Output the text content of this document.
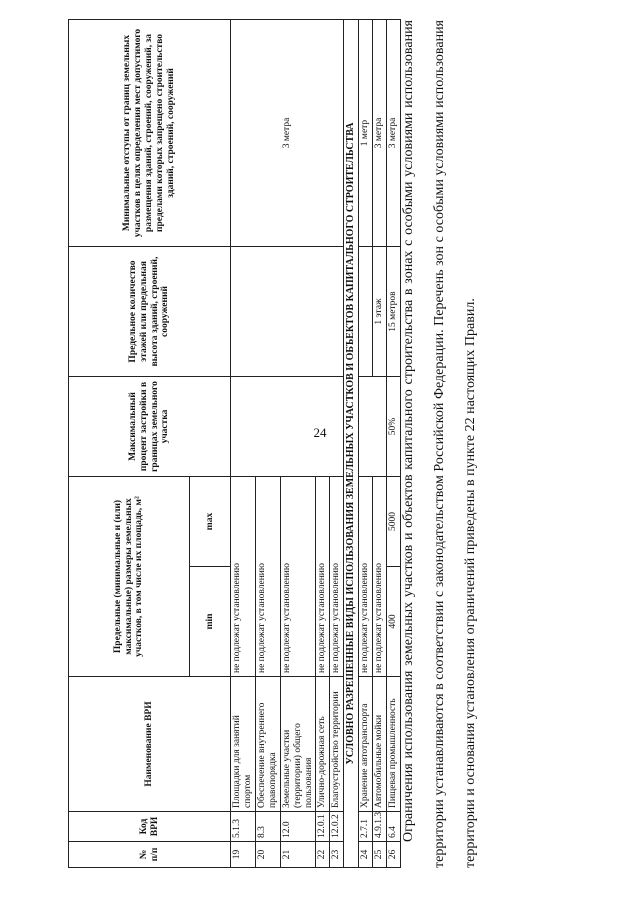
24
№ п/п	Код ВРИ	Наименование ВРИ	Предельные (минимальные и (или) максимальные) размеры земельных участков, в том числе их площадь, м²		Максимальный процент застройки в границах земельного участка	Предельное количество этажей или предельная высота зданий, строений, сооружений	Минимальные отступы от границ земельных участков в целях определения мест допустимого размещения зданий, строений, сооружений, за пределами которых запрещено строительство зданий, строений, сооружений
			min	max			
19	5.1.3	Площадки для занятий спортом	не подлежат установлению				3 метра
20	8.3	Обеспечение внутреннего правопорядка	не подлежат установлению				
21	12.0	Земельные участки (территории) общего пользования	не подлежат установлению				
22	12.0.1	Улично-дорожная сеть	не подлежат установлению				
23	12.0.2	Благоустройство территории	не подлежат установлению				
УСЛОВНО РАЗРЕШЕННЫЕ ВИДЫ ИСПОЛЬЗОВАНИЯ ЗЕМЕЛЬНЫХ УЧАСТКОВ И ОБЪЕКТОВ КАПИТАЛЬНОГО СТРОИТЕЛЬСТВА							
24	2.7.1	Хранение автотранспорта	не подлежат установлению				1 метр
25	4.9.1.3	Автомобильные мойки	не подлежат установлению			1 этаж	3 метра
26	6.4	Пищевая промышленность	400	5000	50%	15 метров	3 метра Ограничения использования земельных участков и объектов капитального строительства в зонах с особыми условиями использования территории устанавливаются в соответствии с законодательством Российской Федерации. Перечень зон с особыми условиями использования территории и основания установления ограничений приведены в пункте 22 настоящих Правил.
